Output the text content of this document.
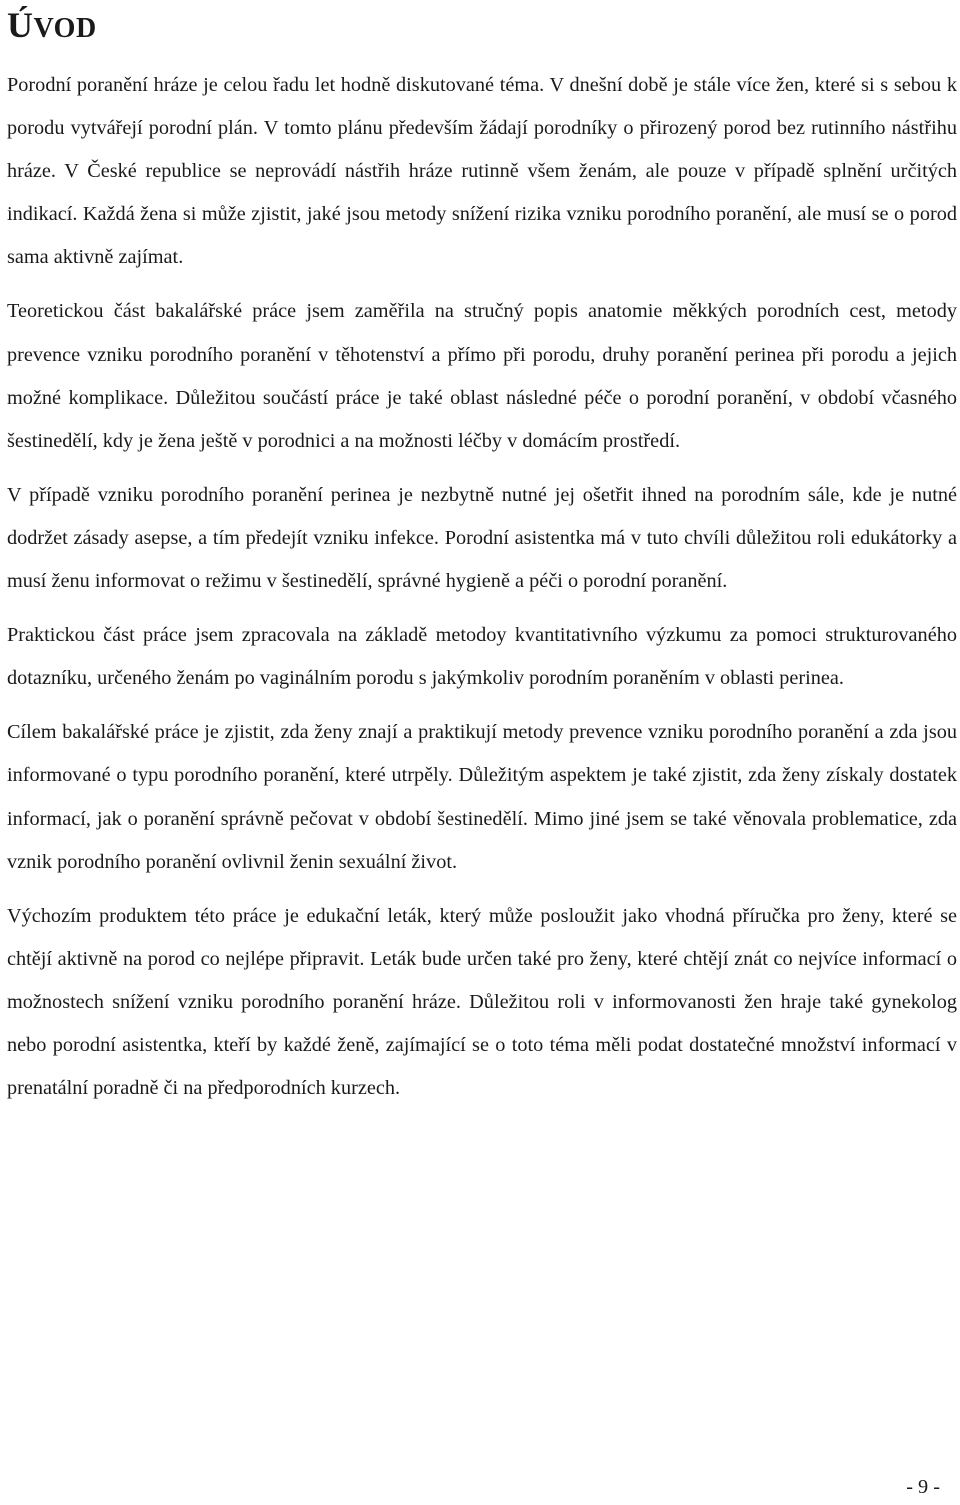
ÚVOD

Porodní poranění hráze je celou řadu let hodně diskutované téma. V dnešní době je stále více žen, které si s sebou k porodu vytvářejí porodní plán. V tomto plánu především žádají porodníky o přirozený porod bez rutinního nástřihu hráze. V České republice se neprovádí nástřih hráze rutinně všem ženám, ale pouze v případě splnění určitých indikací. Každá žena si může zjistit, jaké jsou metody snížení rizika vzniku porodního poranění, ale musí se o porod sama aktivně zajímat.

Teoretickou část bakalářské práce jsem zaměřila na stručný popis anatomie měkkých porodních cest, metody prevence vzniku porodního poranění v těhotenství a přímo při porodu, druhy poranění perinea při porodu a jejich možné komplikace. Důležitou součástí práce je také oblast následné péče o porodní poranění, v období včasného šestinedělí, kdy je žena ještě v porodnici a na možnosti léčby v domácím prostředí.

V případě vzniku porodního poranění perinea je nezbytně nutné jej ošetřit ihned na porodním sále, kde je nutné dodržet zásady asepse, a tím předejít vzniku infekce. Porodní asistentka má v tuto chvíli důležitou roli edukátorky a musí ženu informovat o režimu v šestinedělí, správné hygieně a péči o porodní poranění.

Praktickou část práce jsem zpracovala na základě metodoy kvantitativního výzkumu za pomoci strukturovaného dotazníku, určeného ženám po vaginálním porodu s jakýmkoliv porodním poraněním v oblasti perinea.

Cílem bakalářské práce je zjistit, zda ženy znají a praktikují metody prevence vzniku porodního poranění a zda jsou informované o typu porodního poranění, které utrpěly. Důležitým aspektem je také zjistit, zda ženy získaly dostatek informací, jak o poranění správně pečovat v období šestinedělí. Mimo jiné jsem se také věnovala problematice, zda vznik porodního poranění ovlivnil ženin sexuální život.

Výchozím produktem této práce je edukační leták, který může posloužit jako vhodná příručka pro ženy, které se chtějí aktivně na porod co nejlépe připravit. Leták bude určen také pro ženy, které chtějí znát co nejvíce informací o možnostech snížení vzniku porodního poranění hráze. Důležitou roli v informovanosti žen hraje také gynekolog nebo porodní asistentka, kteří by každé ženě, zajímající se o toto téma měli podat dostatečné množství informací v prenatální poradně či na předporodních kurzech.

- 9 -
